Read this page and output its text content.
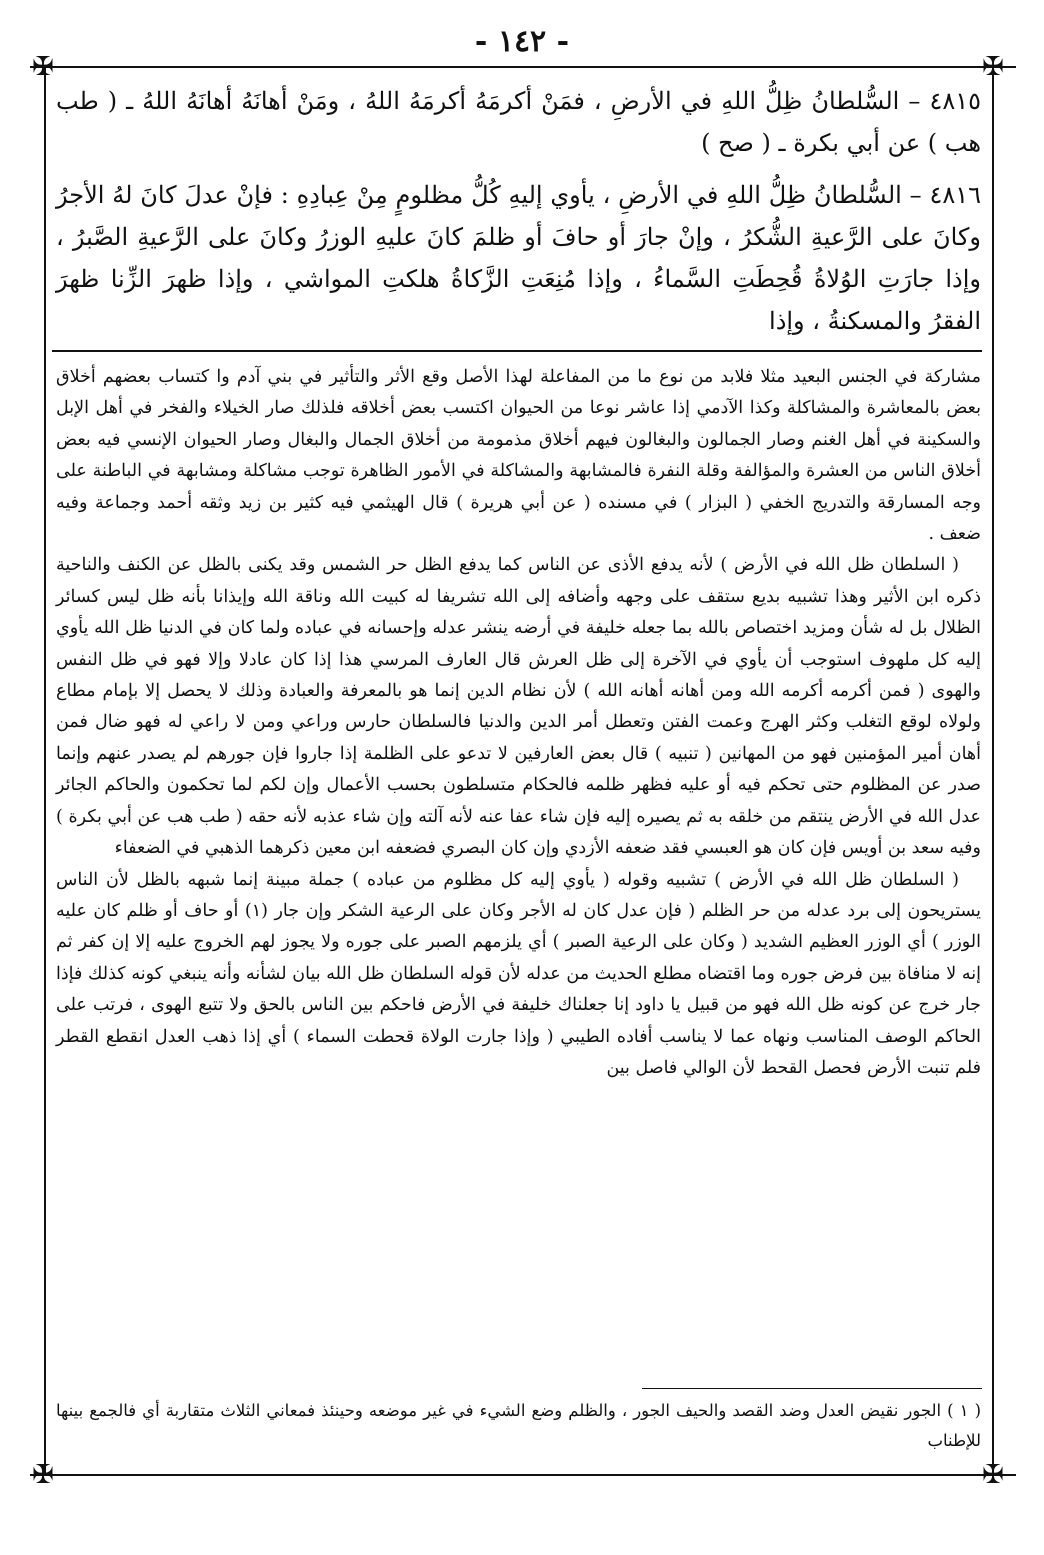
- ١٤٢ -
✠	✠
✠	✠

٤٨١٥ – السُّلطانُ ظِلُّ اللهِ في الأرضِ ، فمَنْ أكرمَهُ أكرمَهُ اللهُ ، ومَنْ أهانَهُ أهانَهُ اللهُ ـ ( طب هب ) عن أبي بكرة ـ ( صح )

٤٨١٦ – السُّلطانُ ظِلُّ اللهِ في الأرضِ ، يأوي إليهِ كُلُّ مظلومٍ مِنْ عِبادِهِ : فإنْ عدلَ كانَ لهُ الأجرُ وكانَ على الرَّعيةِ الشُّكرُ ، وإنْ جارَ أو حافَ أو ظلمَ كانَ عليهِ الوزرُ وكانَ على الرَّعيةِ الصَّبرُ ، وإذا جارَتِ الوُلاةُ قُحِطَتِ السَّماءُ ، وإذا مُنِعَتِ الزَّكاةُ هلكتِ المواشي ، وإذا ظهرَ الزِّنا ظهرَ الفقرُ والمسكنةُ ، وإذا

مشاركة في الجنس البعيد مثلا فلابد من نوع ما من المفاعلة لهذا الأصل وقع الأثر والتأثير في بني آدم وا كتساب بعضهم أخلاق بعض بالمعاشرة والمشاكلة وكذا الآدمي إذا عاشر نوعا من الحيوان اكتسب بعض أخلاقه فلذلك صار الخيلاء والفخر في أهل الإبل والسكينة في أهل الغنم وصار الجمالون والبغالون فيهم أخلاق مذمومة من أخلاق الجمال والبغال وصار الحيوان الإنسي فيه بعض أخلاق الناس من العشرة والمؤالفة وقلة النفرة فالمشابهة والمشاكلة في الأمور الظاهرة توجب مشاكلة ومشابهة في الباطنة على وجه المسارقة والتدريج الخفي ( البزار ) في مسنده ( عن أبي هريرة ) قال الهيثمي فيه كثير بن زيد وثقه أحمد وجماعة وفيه ضعف .

( السلطان ظل الله في الأرض ) لأنه يدفع الأذى عن الناس كما يدفع الظل حر الشمس وقد يكنى بالظل عن الكنف والناحية ذكره ابن الأثير وهذا تشبيه بديع ستقف على وجهه وأضافه إلى الله تشريفا له كبيت الله وناقة الله وإيذانا بأنه ظل ليس كسائر الظلال بل له شأن ومزيد اختصاص بالله بما جعله خليفة في أرضه ينشر عدله وإحسانه في عباده ولما كان في الدنيا ظل الله يأوي إليه كل ملهوف استوجب أن يأوي في الآخرة إلى ظل العرش قال العارف المرسي هذا إذا كان عادلا وإلا فهو في ظل النفس والهوى ( فمن أكرمه أكرمه الله ومن أهانه أهانه الله ) لأن نظام الدين إنما هو بالمعرفة والعبادة وذلك لا يحصل إلا بإمام مطاع ولولاه لوقع التغلب وكثر الهرج وعمت الفتن وتعطل أمر الدين والدنيا فالسلطان حارس وراعي ومن لا راعي له فهو ضال فمن أهان أمير المؤمنين فهو من المهانين ( تنبيه ) قال بعض العارفين لا تدعو على الظلمة إذا جاروا فإن جورهم لم يصدر عنهم وإنما صدر عن المظلوم حتى تحكم فيه أو عليه فظهر ظلمه فالحكام متسلطون بحسب الأعمال وإن لكم لما تحكمون والحاكم الجائر عدل الله في الأرض ينتقم من خلقه به ثم يصيره إليه فإن شاء عفا عنه لأنه آلته وإن شاء عذبه لأنه حقه ( طب هب عن أبي بكرة ) وفيه سعد بن أويس فإن كان هو العبسي فقد ضعفه الأزدي وإن كان البصري فضعفه ابن معين ذكرهما الذهبي في الضعفاء

( السلطان ظل الله في الأرض ) تشبيه وقوله ( يأوي إليه كل مظلوم من عباده ) جملة مبينة إنما شبهه بالظل لأن الناس يستريحون إلى برد عدله من حر الظلم ( فإن عدل كان له الأجر وكان على الرعية الشكر وإن جار (١) أو حاف أو ظلم كان عليه الوزر ) أي الوزر العظيم الشديد ( وكان على الرعية الصبر ) أي يلزمهم الصبر على جوره ولا يجوز لهم الخروج عليه إلا إن كفر ثم إنه لا منافاة بين فرض جوره وما اقتضاه مطلع الحديث من عدله لأن قوله السلطان ظل الله بيان لشأنه وأنه ينبغي كونه كذلك فإذا جار خرج عن كونه ظل الله فهو من قبيل يا داود إنا جعلناك خليفة في الأرض فاحكم بين الناس بالحق ولا تتبع الهوى ، فرتب على الحاكم الوصف المناسب ونهاه عما لا يناسب أفاده الطيبي ( وإذا جارت الولاة قحطت السماء ) أي إذا ذهب العدل انقطع القطر فلم تنبت الأرض فحصل القحط لأن الوالي فاصل بين

( ١ ) الجور نقيض العدل وضد القصد والحيف الجور ، والظلم وضع الشيء في غير موضعه وحينئذ فمعاني الثلاث متقاربة أي فالجمع بينها للإطناب
